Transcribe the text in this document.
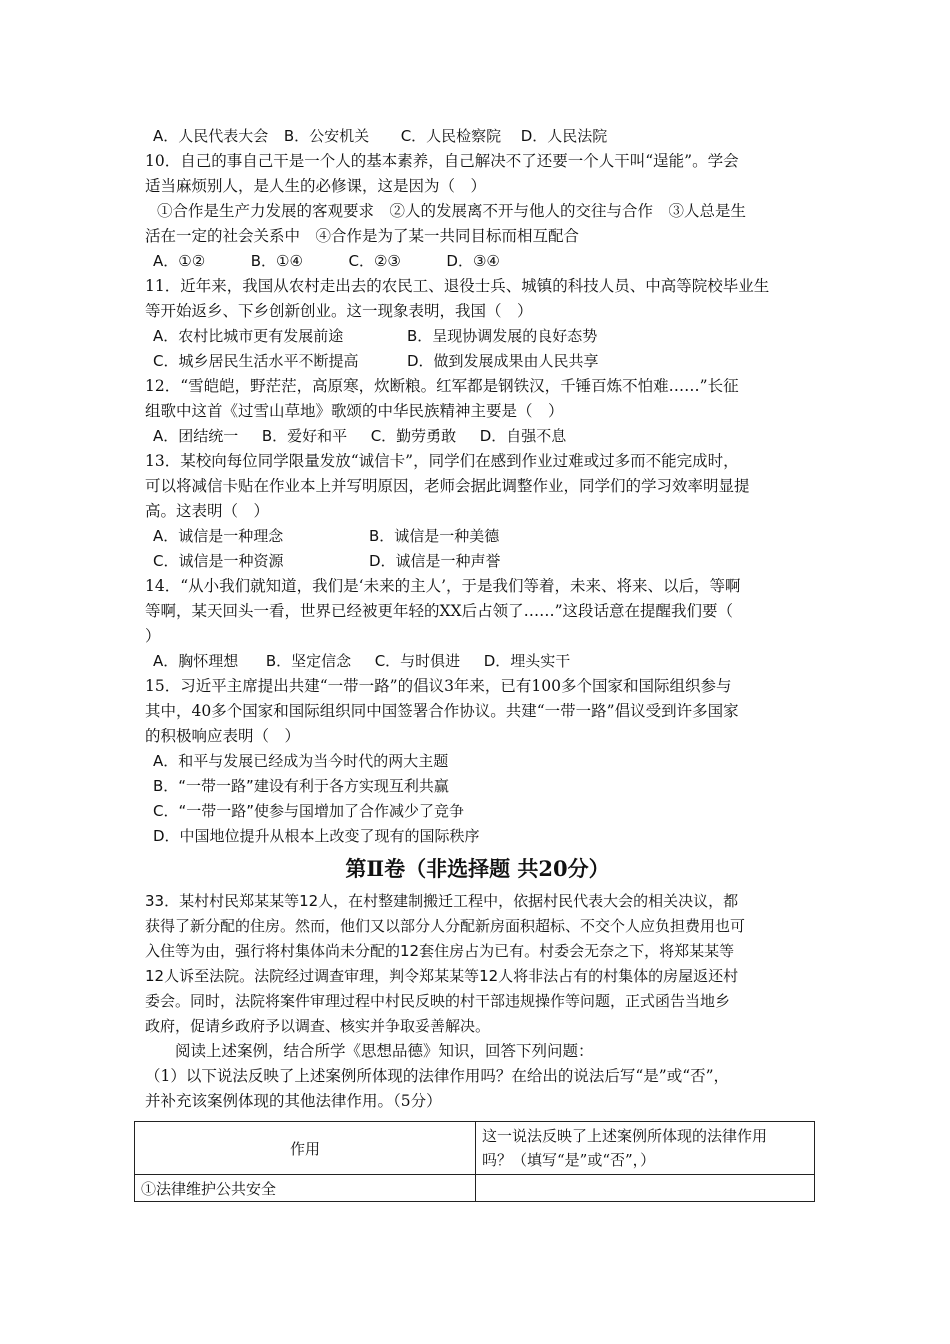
A．人民代表大会 B．公安机关 C．人民检察院 D．人民法院
10．自己的事自己干是一个人的基本素养，自己解决不了还要一个人干叫“逞能”。学会
适当麻烦别人，是人生的必修课，这是因为（　）
①合作是生产力发展的客观要求　②人的发展离不开与他人的交往与合作　③人总是生
活在一定的社会关系中　④合作是为了某一共同目标而相互配合
A．①②	B．①④	C．②③	D．③④
11．近年来，我国从农村走出去的农民工、退役士兵、城镇的科技人员、中高等院校毕业生
等开始返乡、下乡创新创业。这一现象表明，我国（　）
A．农村比城市更有发展前途	B．呈现协调发展的良好态势
C．城乡居民生活水平不断提高	D．做到发展成果由人民共享
12．“雪皑皑，野茫茫，高原寒，炊断粮。红军都是钢铁汉，千锤百炼不怕难……”长征
组歌中这首《过雪山草地》歌颂的中华民族精神主要是（　）
A．团结统一 B．爱好和平 C．勤劳勇敢 D．自强不息
13．某校向每位同学限量发放“诚信卡”，同学们在感到作业过难或过多而不能完成时，
可以将减信卡贴在作业本上并写明原因，老师会据此调整作业，同学们的学习效率明显提
高。这表明（　）
A．诚信是一种理念	B．诚信是一种美德
C．诚信是一种资源	D．诚信是一种声誉
14．“从小我们就知道，我们是‘未来的主人’，于是我们等着，未来、将来、以后，等啊
等啊，某天回头一看，世界已经被更年轻的XX后占领了……”这段话意在提醒我们要（
）
A．胸怀理想 B．坚定信念 C．与时俱进 D．埋头实干
15．习近平主席提出共建“一带一路”的倡议3年来，已有100多个国家和国际组织参与
其中，40多个国家和国际组织同中国签署合作协议。共建“一带一路”倡议受到许多国家
的积极响应表明（　）
A．和平与发展已经成为当今时代的两大主题
B．“一带一路”建设有利于各方实现互利共赢
C．“一带一路”使参与国增加了合作减少了竞争
D．中国地位提升从根本上改变了现有的国际秩序
第Ⅱ卷（非选择题 共20分）
33．某村村民郑某某等12人，在村整建制搬迁工程中，依据村民代表大会的相关决议，都
获得了新分配的住房。然而，他们又以部分人分配新房面积超标、不交个人应负担费用也可
入住等为由，强行将村集体尚未分配的12套住房占为已有。村委会无奈之下，将郑某某等
12人诉至法院。法院经过调查审理，判令郑某某等12人将非法占有的村集体的房屋返还村
委会。同时，法院将案件审理过程中村民反映的村干部违规操作等问题，正式函告当地乡
政府，促请乡政府予以调查、核实并争取妥善解决。
阅读上述案例，结合所学《思想品德》知识，回答下列问题：
（1）以下说法反映了上述案例所体现的法律作用吗？在给出的说法后写“是”或“否”，
并补充该案例体现的其他法律作用。（5分）
作用	这一说法反映了上述案例所体现的法律作用
吗？（填写“是”或“否”，）

①法律维护公共安全	
